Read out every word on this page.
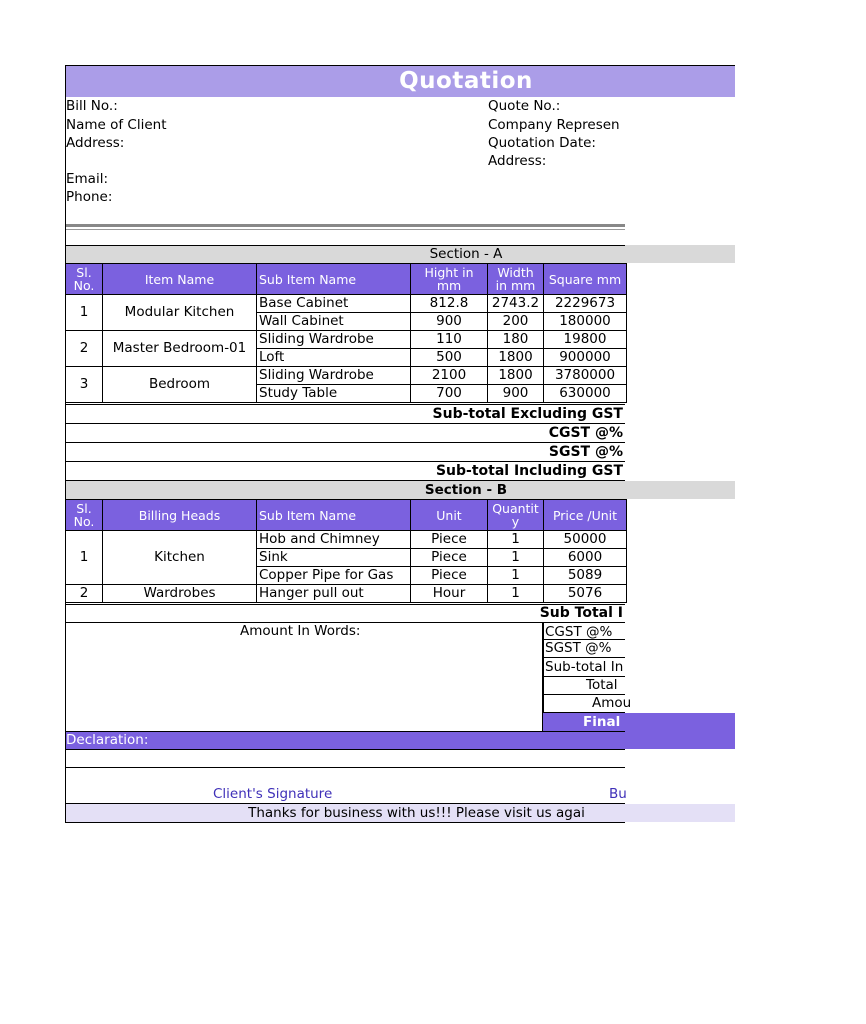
Quotation
Bill No.:
Name of Client
Address:
Email:
Phone:
Quote No.:
Company Represen
Quotation Date:
Address:
Section - A
Sl. No.	Item Name	Sub Item Name	Hight in mm	Width in mm	Square mm
1	Modular Kitchen	Base Cabinet	812.8	2743.2	2229673
		Wall Cabinet	900	200	180000
2	Master Bedroom-01	Sliding Wardrobe	110	180	19800
		Loft	500	1800	900000
3	Bedroom	Sliding Wardrobe	2100	1800	3780000
		Study Table	700	900	630000
Sub-total Excluding GST
CGST @%
SGST @%
Sub-total Including GST
Section - B
Sl. No.	Billing Heads	Sub Item Name	Unit	Quantity	Price /Unit
1	Kitchen	Hob and Chimney	Piece	1	50000
		Sink	Piece	1	6000
		Copper Pipe for Gas	Piece	1	5089
2	Wardrobes	Hanger pull out	Hour	1	5076
Sub Total I
Amount In Words:	CGST @%
SGST @%
Sub-total In
Total
Amou
Final
Declaration:
Client's Signature	Bu
Thanks for business with us!!! Please visit us agai
